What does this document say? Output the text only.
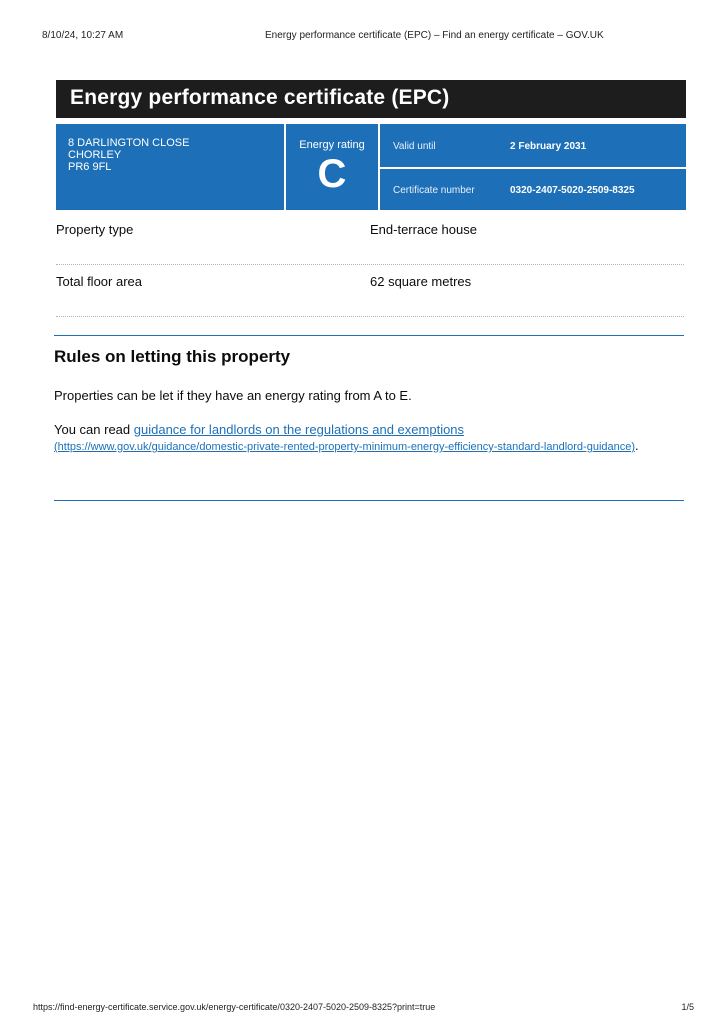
8/10/24, 10:27 AM	Energy performance certificate (EPC) – Find an energy certificate – GOV.UK
Energy performance certificate (EPC)
8 DARLINGTON CLOSE
CHORLEY
PR6 9FL
Energy rating
C
Valid until	2 February 2031
Certificate number	0320-2407-5020-2509-8325
Property type	End-terrace house
Total floor area	62 square metres
Rules on letting this property
Properties can be let if they have an energy rating from A to E.
You can read guidance for landlords on the regulations and exemptions
(https://www.gov.uk/guidance/domestic-private-rented-property-minimum-energy-efficiency-standard-landlord-guidance).
https://find-energy-certificate.service.gov.uk/energy-certificate/0320-2407-5020-2509-8325?print=true	1/5
